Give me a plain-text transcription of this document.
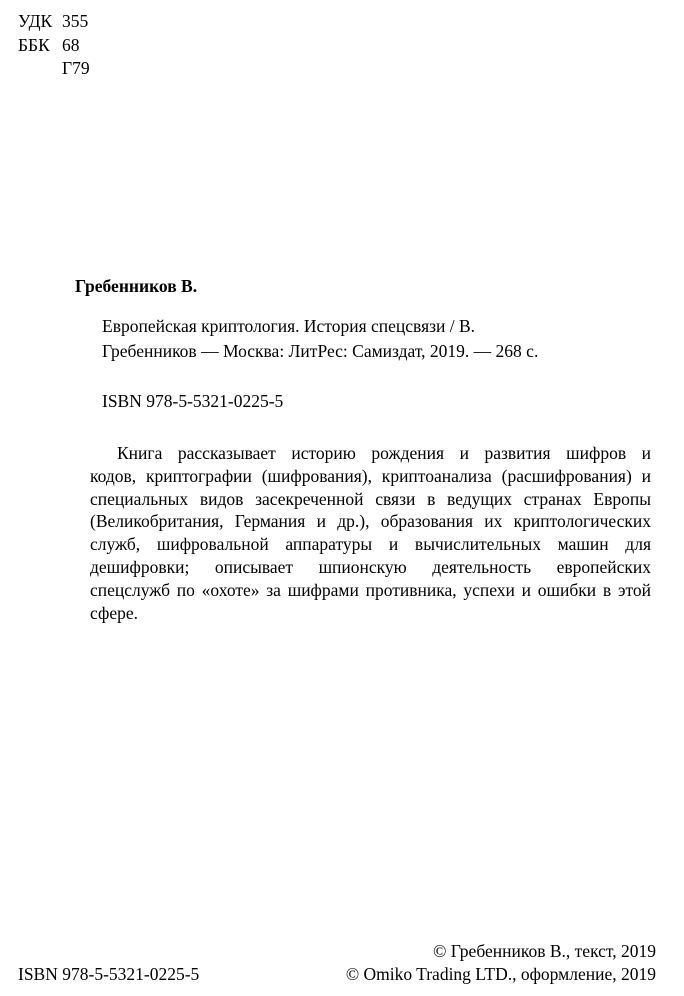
УДК 355
ББК 68
Г79
Гребенников В.
Европейская криптология. История спецсвязи / В.
Гребенников — Москва: ЛитРес: Самиздат, 2019. — 268 с.
ISBN 978-5-5321-0225-5
Книга рассказывает историю рождения и развития шифров и
кодов, криптографии (шифрования), криптоанализа (расшифрования) и
специальных видов засекреченной связи в ведущих странах Европы
(Великобритания, Германия и др.), образования их криптологических
служб, шифровальной аппаратуры и вычислительных машин для
дешифровки; описывает шпионскую деятельность европейских
спецслужб по «охоте» за шифрами противника, успехи и ошибки в этой
сфере.
© Гребенников В., текст, 2019
ISBN 978-5-5321-0225-5	© Omiko Trading LTD., оформление, 2019
